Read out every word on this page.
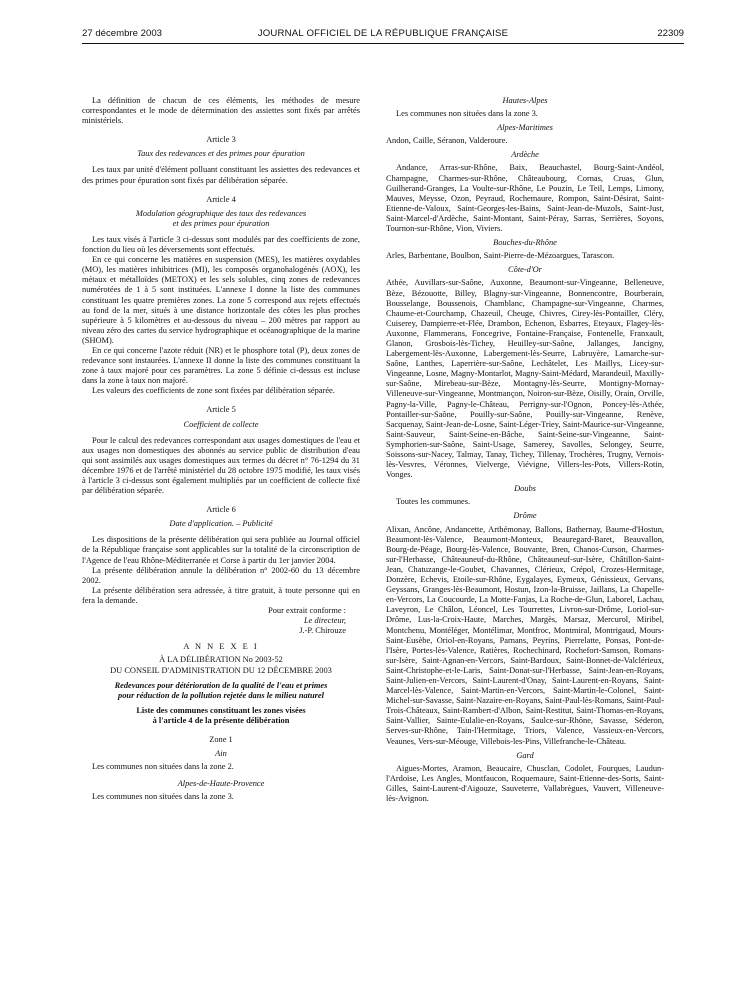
27 décembre 2003	JOURNAL OFFICIEL DE LA RÉPUBLIQUE FRANÇAISE	22309

La définition de chacun de ces éléments, les méthodes de mesure correspondantes et le mode de détermination des assiettes sont fixés par arrêtés ministériels.

Article 3
Taux des redevances et des primes pour épuration

Les taux par unité d'élément polluant constituant les assiettes des redevances et des primes pour épuration sont fixés par délibération séparée.

Article 4
Modulation géographique des taux des redevances
et des primes pour épuration

Les taux visés à l'article 3 ci-dessus sont modulés par des coefficients de zone, fonction du lieu où les déversements sont effectués.

En ce qui concerne les matières en suspension (MES), les matières oxydables (MO), les matières inhibitrices (MI), les composés organohalogénés (AOX), les métaux et métalloïdes (METOX) et les sels solubles, cinq zones de redevances numérotées de 1 à 5 sont instituées. L'annexe I donne la liste des communes constituant les quatre premières zones. La zone 5 correspond aux rejets effectués au fond de la mer, situés à une distance horizontale des côtes les plus proches supérieure à 5 kilomètres et au-dessous du niveau – 200 mètres par rapport au niveau zéro des cartes du service hydrographique et océanographique de la marine (SHOM).

En ce qui concerne l'azote réduit (NR) et le phosphore total (P), deux zones de redevance sont instaurées. L'annexe II donne la liste des communes constituant la zone à taux majoré pour ces paramètres. La zone 5 définie ci-dessus est incluse dans la zone à taux non majoré.

Les valeurs des coefficients de zone sont fixées par délibération séparée.

Article 5
Coefficient de collecte

Pour le calcul des redevances correspondant aux usages domestiques de l'eau et aux usages non domestiques des abonnés au service public de distribution d'eau qui sont assimilés aux usages domestiques aux termes du décret n° 76-1294 du 31 décembre 1976 et de l'arrêté ministériel du 28 octobre 1975 modifié, les taux visés à l'article 3 ci-dessus sont également multipliés par un coefficient de collecte fixé par délibération séparée.

Article 6
Date d'application. – Publicité

Les dispositions de la présente délibération qui sera publiée au Journal officiel de la République française sont applicables sur la totalité de la circonscription de l'Agence de l'eau Rhône-Méditerranée et Corse à partir du 1er janvier 2004.

La présente délibération annule la délibération n° 2002-60 du 13 décembre 2002.

La présente délibération sera adressée, à titre gratuit, à toute personne qui en fera la demande.

Pour extrait conforme :
Le directeur,
J.-P. Chirouze
A N N E X E I
À LA DÉLIBÉRATION No 2003-52
DU CONSEIL D'ADMINISTRATION DU 12 DÉCEMBRE 2003
Redevances pour détérioration de la qualité de l'eau et primes
pour réduction de la pollution rejetée dans le milieu naturel
Liste des communes constituant les zones visées
à l'article 4 de la présente délibération
Zone 1
Ain

Les communes non situées dans la zone 2.

Alpes-de-Haute-Provence

Les communes non situées dans la zone 3.

Hautes-Alpes

Les communes non situées dans la zone 3.

Alpes-Maritimes

Andon, Caille, Séranon, Valderoure.

Ardèche

Andance, Arras-sur-Rhône, Baix, Beauchastel, Bourg-Saint-Andéol, Champagne, Charmes-sur-Rhône, Châteaubourg, Cornas, Cruas, Glun, Guilherand-Granges, La Voulte-sur-Rhône, Le Pouzin, Le Teil, Lemps, Limony, Mauves, Meysse, Ozon, Peyraud, Rochemaure, Rompon, Saint-Désirat, Saint-Etienne-de-Valoux, Saint-Georges-les-Bains, Saint-Jean-de-Muzols, Saint-Just, Saint-Marcel-d'Ardèche, Saint-Montant, Saint-Péray, Sarras, Serrières, Soyons, Tournon-sur-Rhône, Vion, Viviers.

Bouches-du-Rhône

Arles, Barbentane, Boulbon, Saint-Pierre-de-Mézoargues, Tarascon.

Côte-d'Or

Athée, Auvillars-sur-Saône, Auxonne, Beaumont-sur-Vingeanne, Belleneuve, Bèze, Bézouotte, Billey, Blagny-sur-Vingeanne, Bonnencontre, Bourberain, Bousselange, Boussenois, Chamblanc, Champagne-sur-Vingeanne, Charmes, Chaume-et-Courchamp, Chazeuil, Cheuge, Chivres, Cirey-lès-Pontailler, Cléry, Cuiserey, Dampierre-et-Flée, Drambon, Echenon, Esbarres, Eteyaux, Flagey-lès-Auxonne, Flammerans, Foncegrive, Fontaine-Française, Fontenelle, Franxault, Glanon, Grosbois-lès-Tichey, Heuilley-sur-Saône, Jallanges, Jancigny, Labergement-lès-Auxonne, Labergement-lès-Seurre, Labruyère, Lamarche-sur-Saône, Lanthes, Laperrière-sur-Saône, Lechâtelet, Les Maillys, Licey-sur-Vingeanne, Losne, Magny-Montarlot, Magny-Saint-Médard, Marandeuil, Maxilly-sur-Saône, Mirebeau-sur-Bèze, Montagny-lès-Seurre, Montigny-Mornay-Villeneuve-sur-Vingeanne, Montmançon, Noiron-sur-Bèze, Oisilly, Orain, Orville, Pagny-la-Ville, Pagny-le-Château, Perrigny-sur-l'Ognon, Poncey-lès-Athée, Pontailler-sur-Saône, Pouilly-sur-Saône, Pouilly-sur-Vingeanne, Renève, Sacquenay, Saint-Jean-de-Losne, Saint-Léger-Triey, Saint-Maurice-sur-Vingeanne, Saint-Sauveur, Saint-Seine-en-Bâche, Saint-Seine-sur-Vingeanne, Saint-Symphorien-sur-Saône, Saint-Usage, Samerey, Savolles, Selongey, Seurre, Soissons-sur-Nacey, Talmay, Tanay, Tichey, Tillenay, Trochères, Trugny, Vernois-lès-Vesvres, Véronnes, Vielverge, Viévigne, Villers-les-Pots, Villers-Rotin, Vonges.

Doubs

Toutes les communes.

Drôme

Alixan, Ancône, Andancette, Arthémonay, Ballons, Bathernay, Baume-d'Hostun, Beaumont-lès-Valence, Beaumont-Monteux, Beauregard-Baret, Beauvallon, Bourg-de-Péage, Bourg-lès-Valence, Bouvante, Bren, Chanos-Curson, Charmes-sur-l'Herbasse, Châteauneuf-du-Rhône, Châteauneuf-sur-Isère, Châtillon-Saint-Jean, Chatuzange-le-Goubet, Chavannes, Clérieux, Crépol, Crozes-Hermitage, Donzère, Echevis, Etoile-sur-Rhône, Eygalayes, Eymeux, Génissieux, Gervans, Geyssans, Granges-lès-Beaumont, Hostun, Izon-la-Bruisse, Jaillans, La Chapelle-en-Vercors, La Coucourde, La Motte-Fanjas, La Roche-de-Glun, Laborel, Lachau, Laveyron, Le Châlon, Léoncel, Les Tourrettes, Livron-sur-Drôme, Loriol-sur-Drôme, Lus-la-Croix-Haute, Marches, Margès, Marsaz, Mercurol, Miribel, Montchenu, Montéléger, Montélimar, Montfroc, Montmiral, Montrigaud, Mours-Saint-Eusèbe, Oriol-en-Royans, Parnans, Peyrins, Pierrelatte, Ponsas, Pont-de-l'Isère, Portes-lès-Valence, Ratières, Rochechinard, Rochefort-Samson, Romans-sur-Isère, Saint-Agnan-en-Vercors, Saint-Bardoux, Saint-Bonnet-de-Valclérieux, Saint-Christophe-et-le-Laris, Saint-Donat-sur-l'Herbasse, Saint-Jean-en-Royans, Saint-Julien-en-Vercors, Saint-Laurent-d'Onay, Saint-Laurent-en-Royans, Saint-Marcel-lès-Valence, Saint-Martin-en-Vercors, Saint-Martin-le-Colonel, Saint-Michel-sur-Savasse, Saint-Nazaire-en-Royans, Saint-Paul-lès-Romans, Saint-Paul-Trois-Châteaux, Saint-Rambert-d'Albon, Saint-Restitut, Saint-Thomas-en-Royans, Saint-Vallier, Sainte-Eulalie-en-Royans, Saulce-sur-Rhône, Savasse, Séderon, Serves-sur-Rhône, Tain-l'Hermitage, Triors, Valence, Vassieux-en-Vercors, Veaunes, Vers-sur-Méouge, Villebois-les-Pins, Villefranche-le-Château.

Gard

Aigues-Mortes, Aramon, Beaucaire, Chusclan, Codolet, Fourques, Laudun-l'Ardoise, Les Angles, Montfaucon, Roquemaure, Saint-Etienne-des-Sorts, Saint-Gilles, Saint-Laurent-d'Aigouze, Sauveterre, Vallabrègues, Vauvert, Villeneuve-lès-Avignon.
